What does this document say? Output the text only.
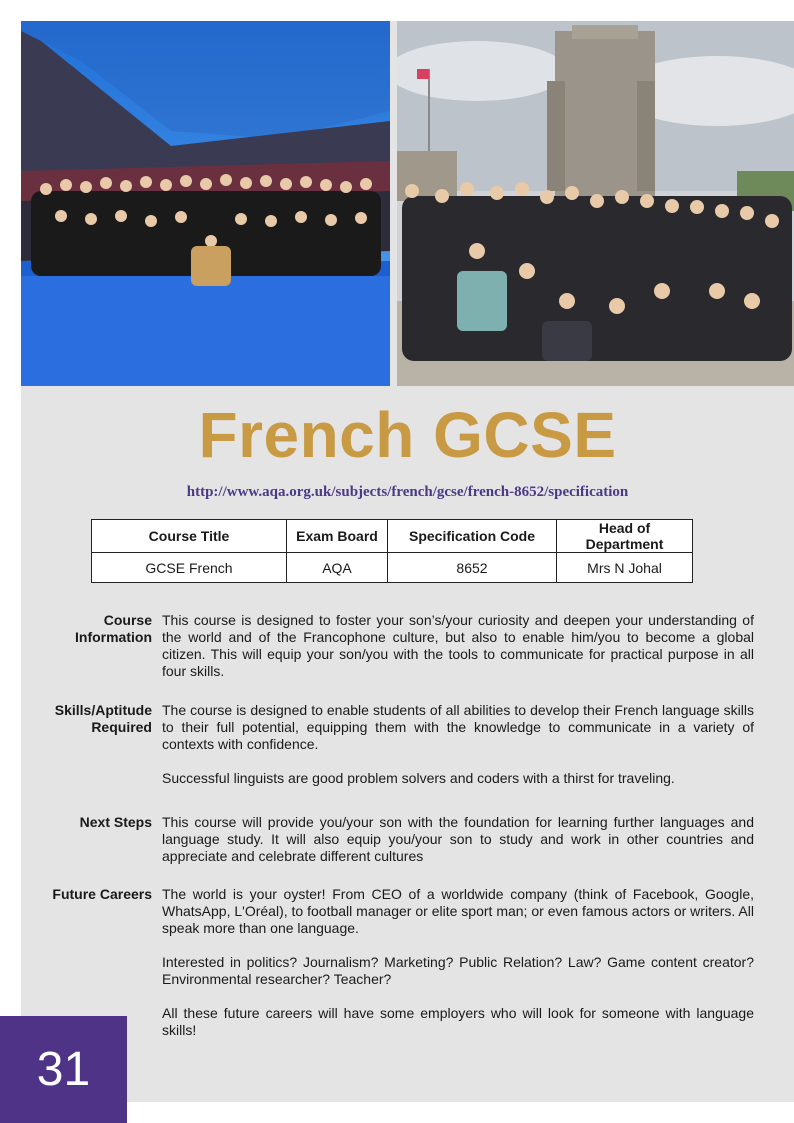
French GCSE
http://www.aqa.org.uk/subjects/french/gcse/french-8652/specification
Course Title	Exam Board	Specification Code	Head of Department
GCSE French	AQA	8652	Mrs N Johal
Course
Information

This course is designed to foster your son’s/your curiosity and deepen your understanding of the world and of the Francophone culture, but also to enable him/you to become a global citizen. This will equip your son/you with the tools to communicate for practical purpose in all four skills.

Skills/Aptitude
Required

The course is designed to enable students of all abilities to develop their French language skills to their full potential, equipping them with the knowledge to communicate in a variety of contexts with confidence.

Successful linguists are good problem solvers and coders with a thirst for traveling.

Next Steps This course will provide you/your son with the foundation for learning further languages and language study. It will also equip you/your son to study and work in other countries and appreciate and celebrate different cultures

Future Careers The world is your oyster! From CEO of a worldwide company (think of Facebook, Google, WhatsApp, L'Oréal), to football manager or elite sport man; or even famous actors or writers. All speak more than one language.

Interested in politics? Journalism? Marketing? Public Relation? Law? Game content creator? Environmental researcher? Teacher?

All these future careers will have some employers who will look for someone with language skills!

31
